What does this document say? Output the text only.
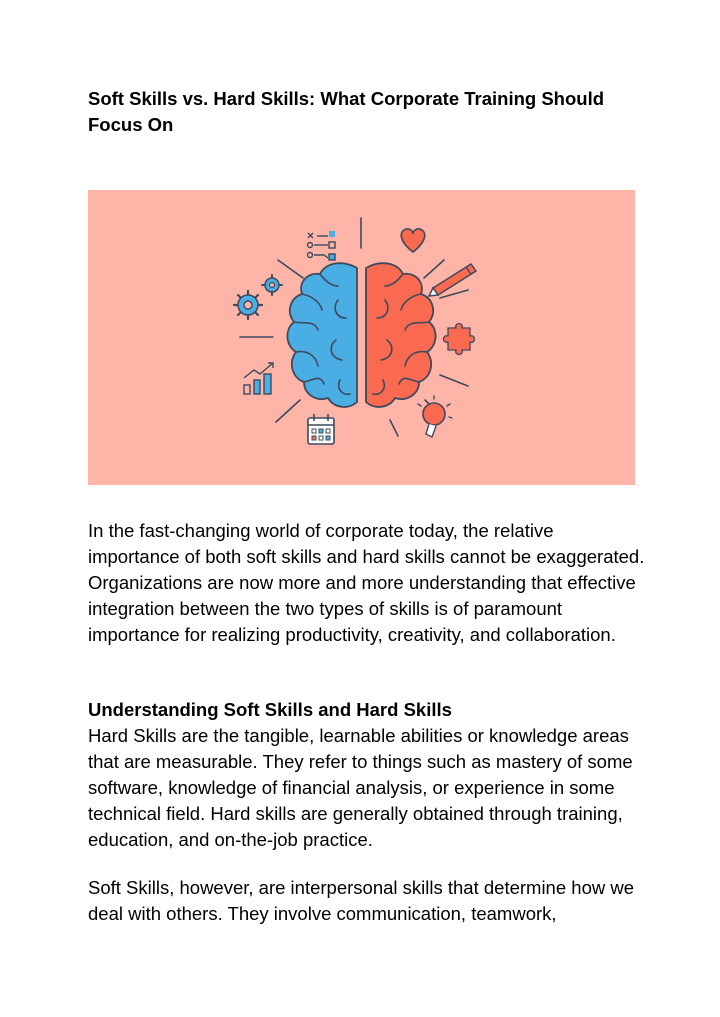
Soft Skills vs. Hard Skills: What Corporate Training Should Focus On

In the fast-changing world of corporate today, the relative importance of both soft skills and hard skills cannot be exaggerated. Organizations are now more and more understanding that effective integration between the two types of skills is of paramount importance for realizing productivity, creativity, and collaboration.

Understanding Soft Skills and Hard Skills

Hard Skills are the tangible, learnable abilities or knowledge areas that are measurable. They refer to things such as mastery of some software, knowledge of financial analysis, or experience in some technical field. Hard skills are generally obtained through training, education, and on-the-job practice.

Soft Skills, however, are interpersonal skills that determine how we deal with others. They involve communication, teamwork,
